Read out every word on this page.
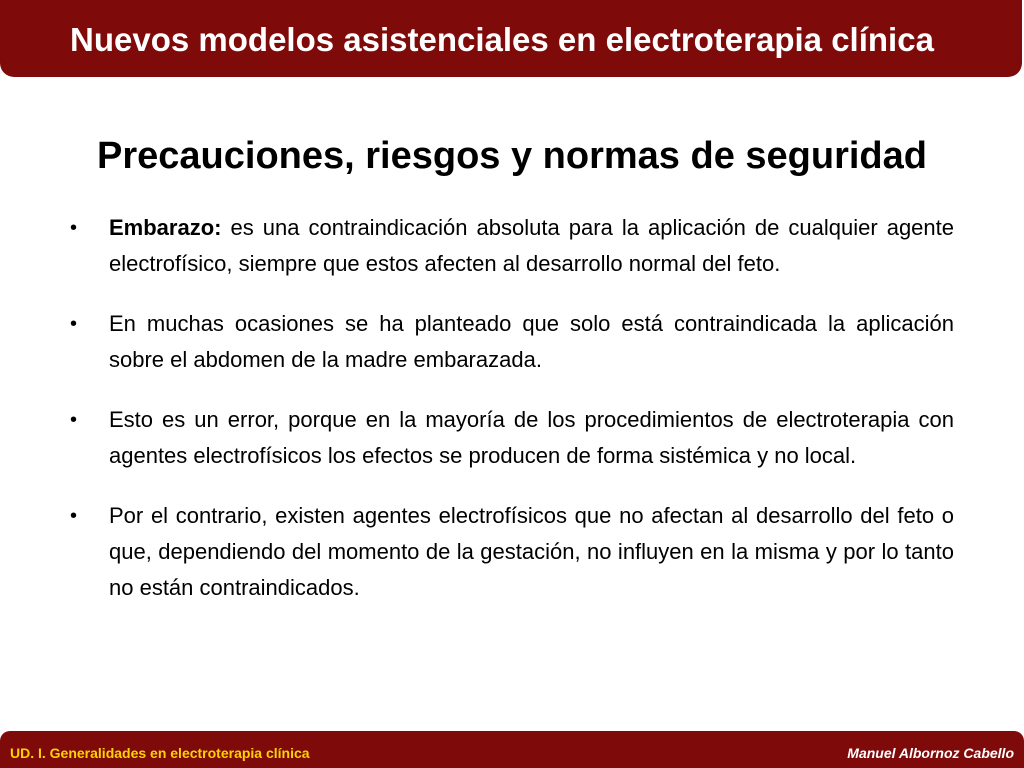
Nuevos modelos asistenciales en electroterapia clínica
Precauciones, riesgos y normas de seguridad
• Embarazo: es una contraindicación absoluta para la aplicación de cualquier agente electrofísico, siempre que estos afecten al desarrollo normal del feto.
• En muchas ocasiones se ha planteado que solo está contraindicada la aplicación sobre el abdomen de la madre embarazada.
• Esto es un error, porque en la mayoría de los procedimientos de electroterapia con agentes electrofísicos los efectos se producen de forma sistémica y no local.
• Por el contrario, existen agentes electrofísicos que no afectan al desarrollo del feto o que, dependiendo del momento de la gestación, no influyen en la misma y por lo tanto no están contraindicados.
UD. I. Generalidades en electroterapia clínica	Manuel Albornoz Cabello
